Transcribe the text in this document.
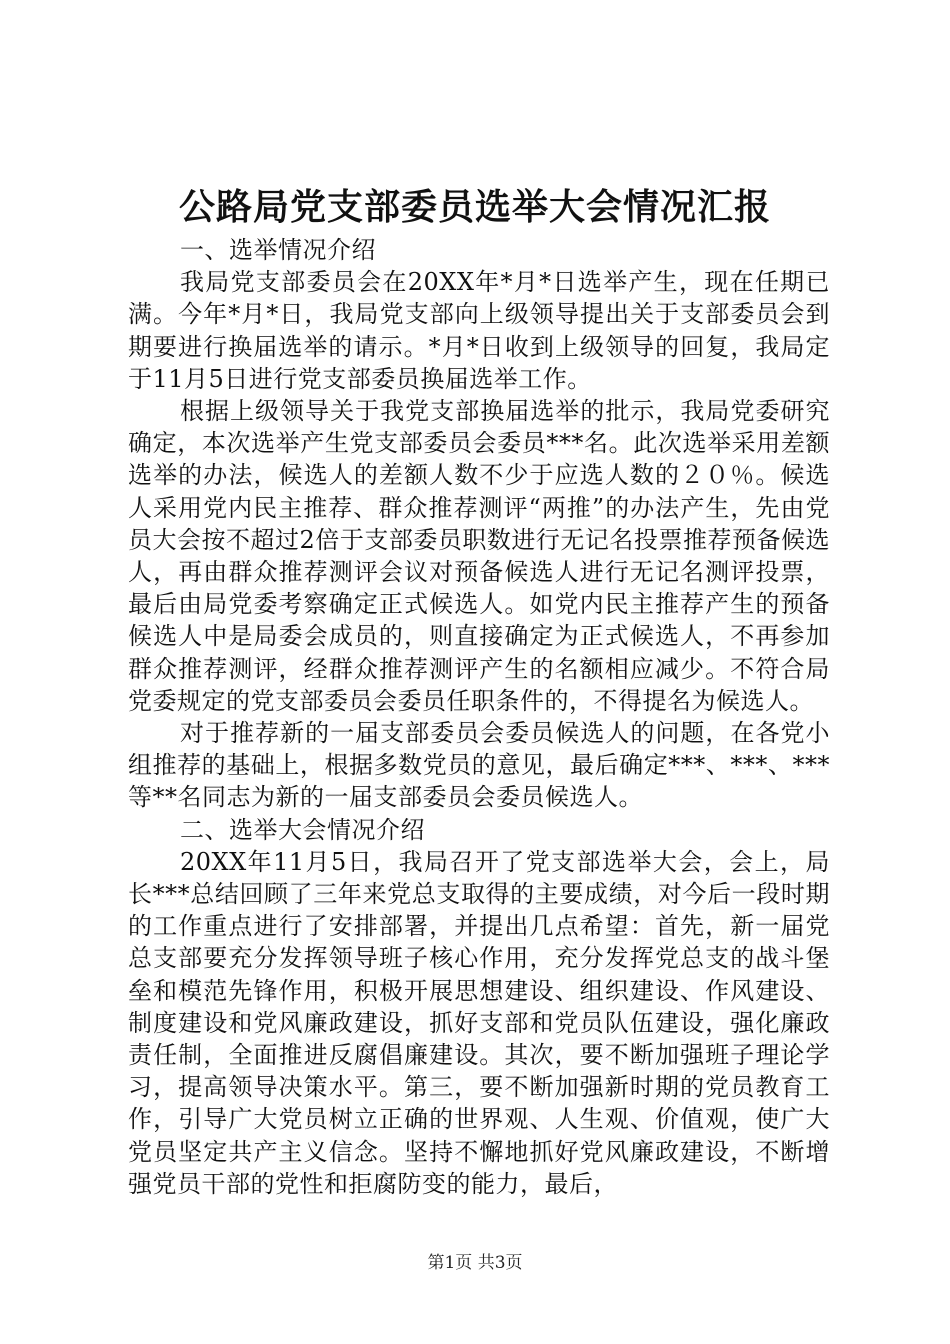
公路局党支部委员选举大会情况汇报

一、选举情况介绍

我局党支部委员会在20XX年*月*日选举产生，现在任期已满。今年*月*日，我局党支部向上级领导提出关于支部委员会到期要进行换届选举的请示。*月*日收到上级领导的回复，我局定于11月5日进行党支部委员换届选举工作。

根据上级领导关于我党支部换届选举的批示，我局党委研究确定，本次选举产生党支部委员会委员***名。此次选举采用差额选举的办法，候选人的差额人数不少于应选人数的２０％。候选人采用党内民主推荐、群众推荐测评“两推”的办法产生，先由党员大会按不超过2倍于支部委员职数进行无记名投票推荐预备候选人，再由群众推荐测评会议对预备候选人进行无记名测评投票，最后由局党委考察确定正式候选人。如党内民主推荐产生的预备候选人中是局委会成员的，则直接确定为正式候选人，不再参加群众推荐测评，经群众推荐测评产生的名额相应减少。不符合局党委规定的党支部委员会委员任职条件的，不得提名为候选人。

对于推荐新的一届支部委员会委员候选人的问题，在各党小组推荐的基础上，根据多数党员的意见，最后确定***、***、***等**名同志为新的一届支部委员会委员候选人。

二、选举大会情况介绍

20XX年11月5日，我局召开了党支部选举大会，会上，局长***总结回顾了三年来党总支取得的主要成绩，对今后一段时期的工作重点进行了安排部署，并提出几点希望：首先，新一届党总支部要充分发挥领导班子核心作用，充分发挥党总支的战斗堡垒和模范先锋作用，积极开展思想建设、组织建设、作风建设、制度建设和党风廉政建设，抓好支部和党员队伍建设，强化廉政责任制，全面推进反腐倡廉建设。其次，要不断加强班子理论学习，提高领导决策水平。第三，要不断加强新时期的党员教育工作，引导广大党员树立正确的世界观、人生观、价值观，使广大党员坚定共产主义信念。坚持不懈地抓好党风廉政建设，不断增强党员干部的党性和拒腐防变的能力，最后，

第1页 共3页
